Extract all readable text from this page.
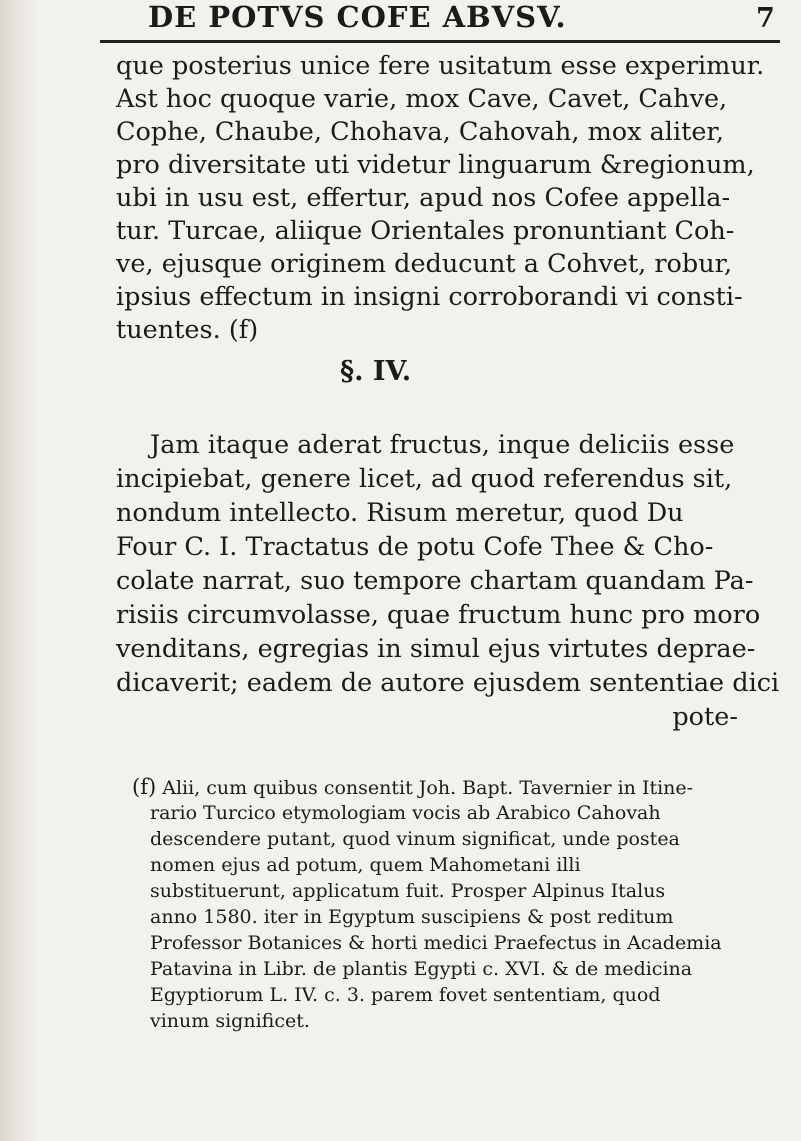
DE POTVS COFE ABVSV.	7
que posterius unice fere usitatum esse experimur.
Ast hoc quoque varie, mox Cave, Cavet, Cahve,
Cophe, Chaube, Chohava, Cahovah, mox aliter,
pro diversitate uti videtur linguarum &regionum,
ubi in usu est, effertur, apud nos Cofee appella-
tur. Turcae, aliique Orientales pronuntiant Coh-
ve, ejusque originem deducunt a Cohvet, robur,
ipsius effectum in insigni corroborandi vi consti-
tuentes. (f)
§. IV.
Jam itaque aderat fructus, inque deliciis esse
incipiebat, genere licet, ad quod referendus sit,
nondum intellecto. Risum meretur, quod Du
Four C. I. Tractatus de potu Cofe Thee & Cho-
colate narrat, suo tempore chartam quandam Pa-
risiis circumvolasse, quae fructum hunc pro moro
venditans, egregias in simul ejus virtutes deprae-
dicaverit; eadem de autore ejusdem sententiae dici
pote-
(f) Alii, cum quibus consentit Joh. Bapt. Tavernier in Itine-
rario Turcico etymologiam vocis ab Arabico Cahovah
descendere putant, quod vinum significat, unde postea
nomen ejus ad potum, quem Mahometani illi
substituerunt, applicatum fuit. Prosper Alpinus Italus
anno 1580. iter in Egyptum suscipiens & post reditum
Professor Botanices & horti medici Praefectus in Academia
Patavina in Libr. de plantis Egypti c. XVI. & de medicina
Egyptiorum L. IV. c. 3. parem fovet sententiam, quod
vinum significet.
